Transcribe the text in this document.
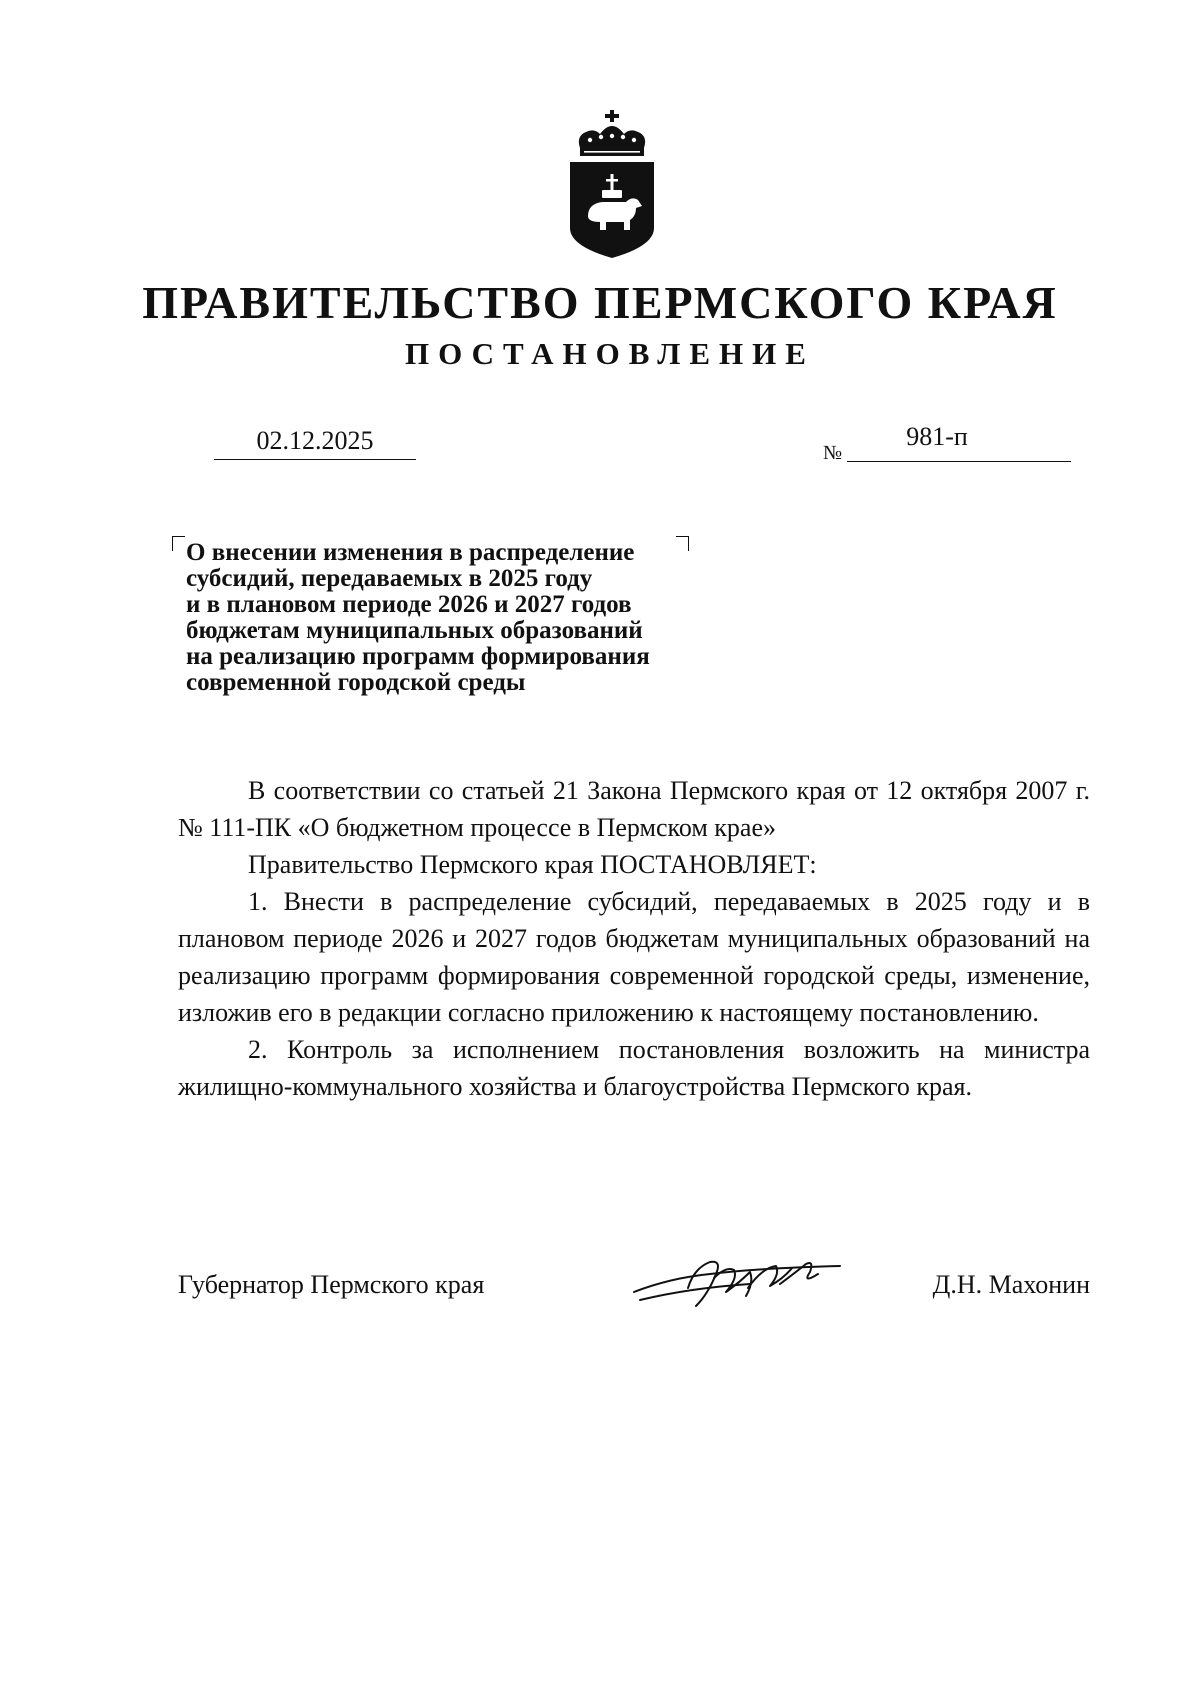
ПРАВИТЕЛЬСТВО ПЕРМСКОГО КРАЯ
ПОСТАНОВЛЕНИЕ
02.12.2025	№
981-п
О внесении изменения в распределение
субсидий, передаваемых в 2025 году
и в плановом периоде 2026 и 2027 годов
бюджетам муниципальных образований
на реализацию программ формирования
современной городской среды

В соответствии со статьей 21 Закона Пермского края от 12 октября 2007 г. № 111-ПК «О бюджетном процессе в Пермском крае»

Правительство Пермского края ПОСТАНОВЛЯЕТ:

1. Внести в распределение субсидий, передаваемых в 2025 году и в плановом периоде 2026 и 2027 годов бюджетам муниципальных образований на реализацию программ формирования современной городской среды, изменение, изложив его в редакции согласно приложению к настоящему постановлению.

2. Контроль за исполнением постановления возложить на министра жилищно-коммунального хозяйства и благоустройства Пермского края.

Губернатор Пермского края	Д.Н. Махонин
